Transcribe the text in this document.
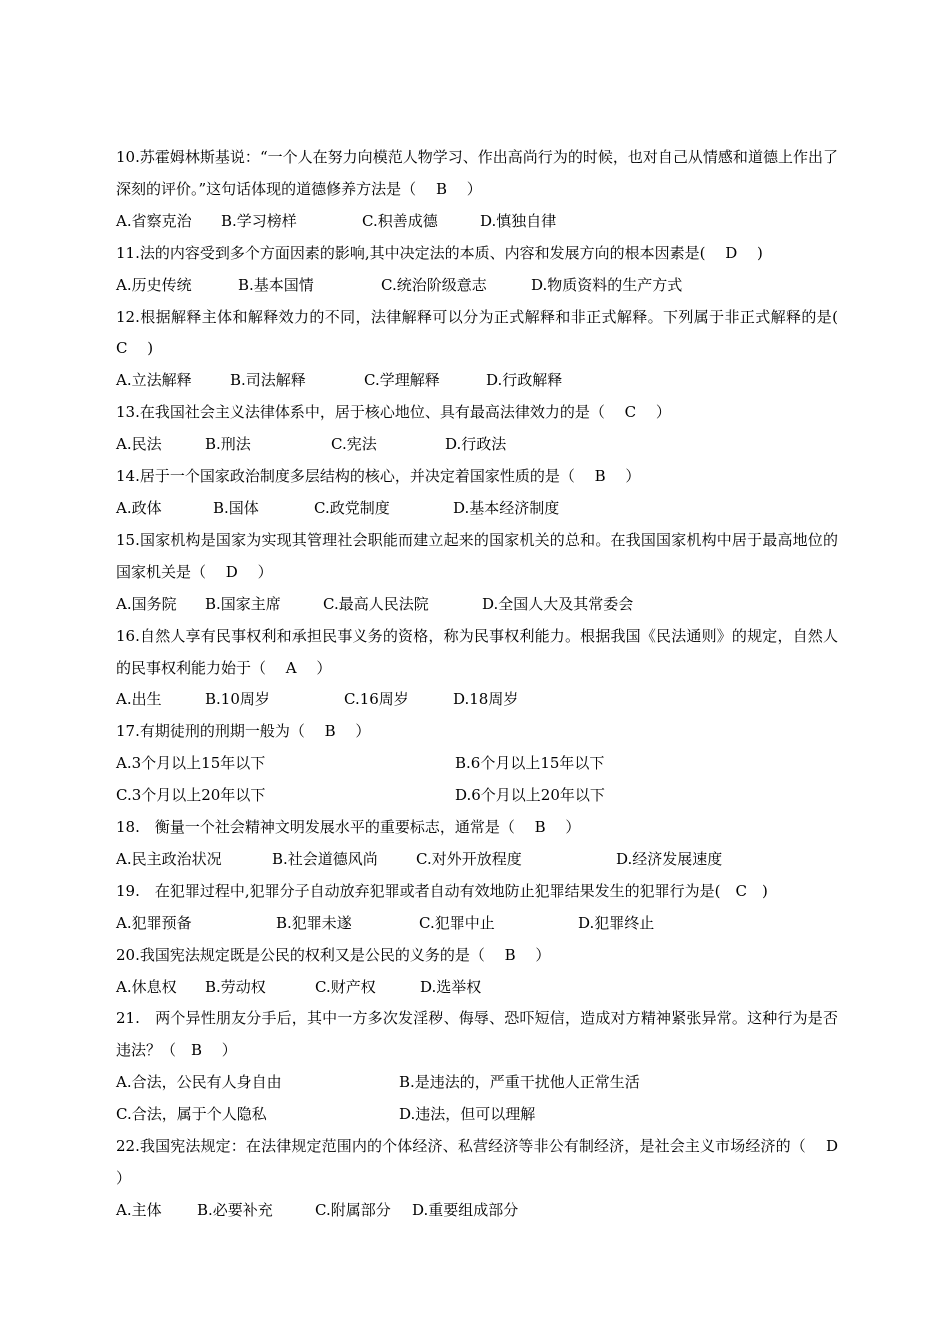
10.苏霍姆林斯基说：“一个人在努力向模范人物学习、作出高尚行为的时候，也对自己从情感和道德上作出了深刻的评价。”这句话体现的道德修养方法是（　 B　 ）
A.省察克治	B.学习榜样	C.积善成德	D.慎独自律
11.法的内容受到多个方面因素的影响,其中决定法的本质、内容和发展方向的根本因素是(　 D　 )
A.历史传统	B.基本国情	C.统治阶级意志	D.物质资料的生产方式
12.根据解释主体和解释效力的不同，法律解释可以分为正式解释和非正式解释。下列属于非正式解释的是(　 C　 )
A.立法解释	B.司法解释	C.学理解释	D.行政解释
13.在我国社会主义法律体系中，居于核心地位、具有最高法律效力的是（　 C　 ）
A.民法	B.刑法	C.宪法	D.行政法
14.居于一个国家政治制度多层结构的核心，并决定着国家性质的是（　 B　 ）
A.政体	B.国体	C.政党制度	D.基本经济制度
15.国家机构是国家为实现其管理社会职能而建立起来的国家机关的总和。在我国国家机构中居于最高地位的国家机关是（　 D　 ）
A.国务院	B.国家主席	C.最高人民法院	D.全国人大及其常委会
16.自然人享有民事权利和承担民事义务的资格，称为民事权利能力。根据我国《民法通则》的规定，自然人的民事权利能力始于（　 A　 ）
A.出生	B.10周岁	C.16周岁	D.18周岁
17.有期徒刑的刑期一般为（　 B　 ）
A.3个月以上15年以下	B.6个月以上15年以下
C.3个月以上20年以下	D.6个月以上20年以下
18.　衡量一个社会精神文明发展水平的重要标志，通常是（　 B　 ）
A.民主政治状况	B.社会道德风尚	C.对外开放程度	D.经济发展速度
19.　在犯罪过程中,犯罪分子自动放弃犯罪或者自动有效地防止犯罪结果发生的犯罪行为是(　C　)
A.犯罪预备	B.犯罪未遂	C.犯罪中止	D.犯罪终止
20.我国宪法规定既是公民的权利又是公民的义务的是（　 B　 ）
A.休息权	B.劳动权	C.财产权	D.选举权
21.　两个异性朋友分手后，其中一方多次发淫秽、侮辱、恐吓短信，造成对方精神紧张异常。这种行为是否违法？（　B　 ）
A.合法，公民有人身自由	B.是违法的，严重干扰他人正常生活
C.合法，属于个人隐私	D.违法，但可以理解
22.我国宪法规定：在法律规定范围内的个体经济、私营经济等非公有制经济，是社会主义市场经济的（　 D　 ）
A.主体	B.必要补充	C.附属部分	D.重要组成部分
